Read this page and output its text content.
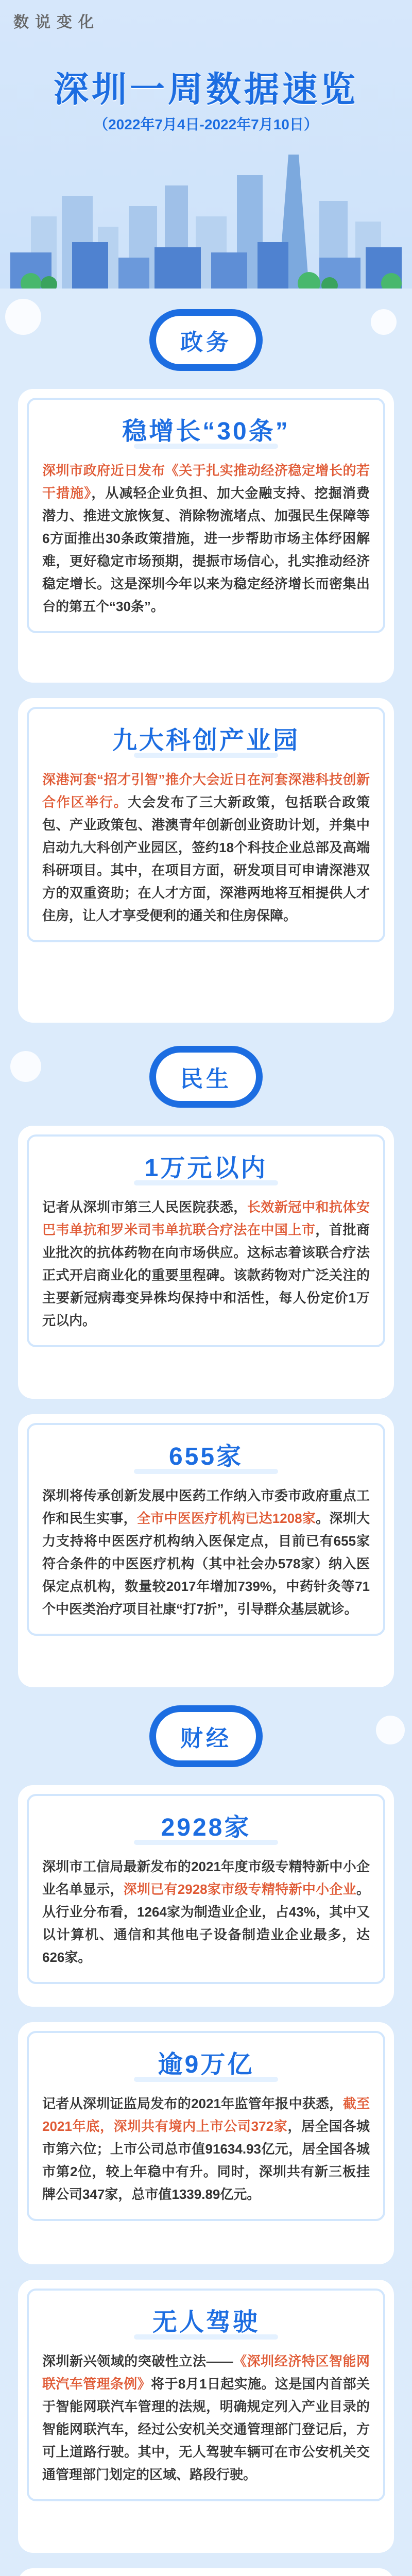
数说变化
深圳一周数据速览
（2022年7月4日-2022年7月10日）
政务
稳增长“30条”

深圳市政府近日发布《关于扎实推动经济稳定增长的若干措施》，从减轻企业负担、加大金融支持、挖掘消费潜力、推进文旅恢复、消除物流堵点、加强民生保障等6方面推出30条政策措施，进一步帮助市场主体纾困解难，更好稳定市场预期，提振市场信心，扎实推动经济稳定增长。这是深圳今年以来为稳定经济增长而密集出台的第五个“30条”。

九大科创产业园

深港河套“招才引智”推介大会近日在河套深港科技创新合作区举行。大会发布了三大新政策，包括联合政策包、产业政策包、港澳青年创新创业资助计划，并集中启动九大科创产业园区，签约18个科技企业总部及高端科研项目。其中，在项目方面，研发项目可申请深港双方的双重资助；在人才方面，深港两地将互相提供人才住房，让人才享受便利的通关和住房保障。

民生
1万元以内

记者从深圳市第三人民医院获悉，长效新冠中和抗体安巴韦单抗和罗米司韦单抗联合疗法在中国上市，首批商业批次的抗体药物在向市场供应。这标志着该联合疗法正式开启商业化的重要里程碑。该款药物对广泛关注的主要新冠病毒变异株均保持中和活性，每人份定价1万元以内。

655家

深圳将传承创新发展中医药工作纳入市委市政府重点工作和民生实事，全市中医医疗机构已达1208家。深圳大力支持将中医医疗机构纳入医保定点，目前已有655家符合条件的中医医疗机构（其中社会办578家）纳入医保定点机构，数量较2017年增加739%，中药针灸等71个中医类治疗项目社康“打7折”，引导群众基层就诊。

财经
2928家

深圳市工信局最新发布的2021年度市级专精特新中小企业名单显示，深圳已有2928家市级专精特新中小企业。从行业分布看，1264家为制造业企业，占43%，其中又以计算机、通信和其他电子设备制造业企业最多，达626家。

逾9万亿

记者从深圳证监局发布的2021年监管年报中获悉，截至2021年底，深圳共有境内上市公司372家，居全国各城市第六位；上市公司总市值91634.93亿元，居全国各城市第2位，较上年稳中有升。同时，深圳共有新三板挂牌公司347家，总市值1339.89亿元。

无人驾驶

深圳新兴领域的突破性立法——《深圳经济特区智能网联汽车管理条例》将于8月1日起实施。这是国内首部关于智能网联汽车管理的法规，明确规定列入产业目录的智能网联汽车，经过公安机关交通管理部门登记后，方可上道路行驶。其中，无人驾驶车辆可在市公安机关交通管理部门划定的区域、路段行驶。
